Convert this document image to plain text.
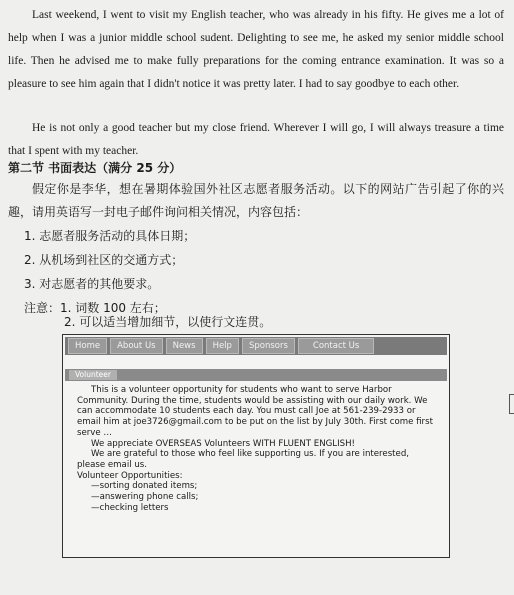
Last weekend, I went to visit my English teacher, who was already in his fifty. He gives me a lot of help when I was a junior middle school sudent. Delighting to see me, he asked my senior middle school life. Then he advised me to make fully preparations for the coming entrance examination. It was so a pleasure to see him again that I didn't notice it was pretty later. I had to say goodbye to each other.

He is not only a good teacher but my close friend. Wherever I will go, I will always treasure a time that I spent with my teacher.

第二节 书面表达（满分 25 分）

假定你是李华，想在暑期体验国外社区志愿者服务活动。以下的网站广告引起了你的兴趣，请用英语写一封电子邮件询问相关情况，内容包括：

1. 志愿者服务活动的具体日期；

2. 从机场到社区的交通方式；

3. 对志愿者的其他要求。

注意：1. 词数 100 左右；

2. 可以适当增加细节，以使行文连贯。

Home	About Us	News	Help	Sponsors	Contact Us
Volunteer

This is a volunteer opportunity for students who want to serve Harbor Community. During the time, students would be assisting with our daily work. We can accommodate 10 students each day. You must call Joe at 561-239-2933 or email him at joe3726@gmail.com to be put on the list by July 30th. First come first serve …

We appreciate OVERSEAS Volunteers WITH FLUENT ENGLISH!

We are grateful to those who feel like supporting us. If you are interested, please email us.

Volunteer Opportunities:

—sorting donated items;

—answering phone calls;

—checking letters
